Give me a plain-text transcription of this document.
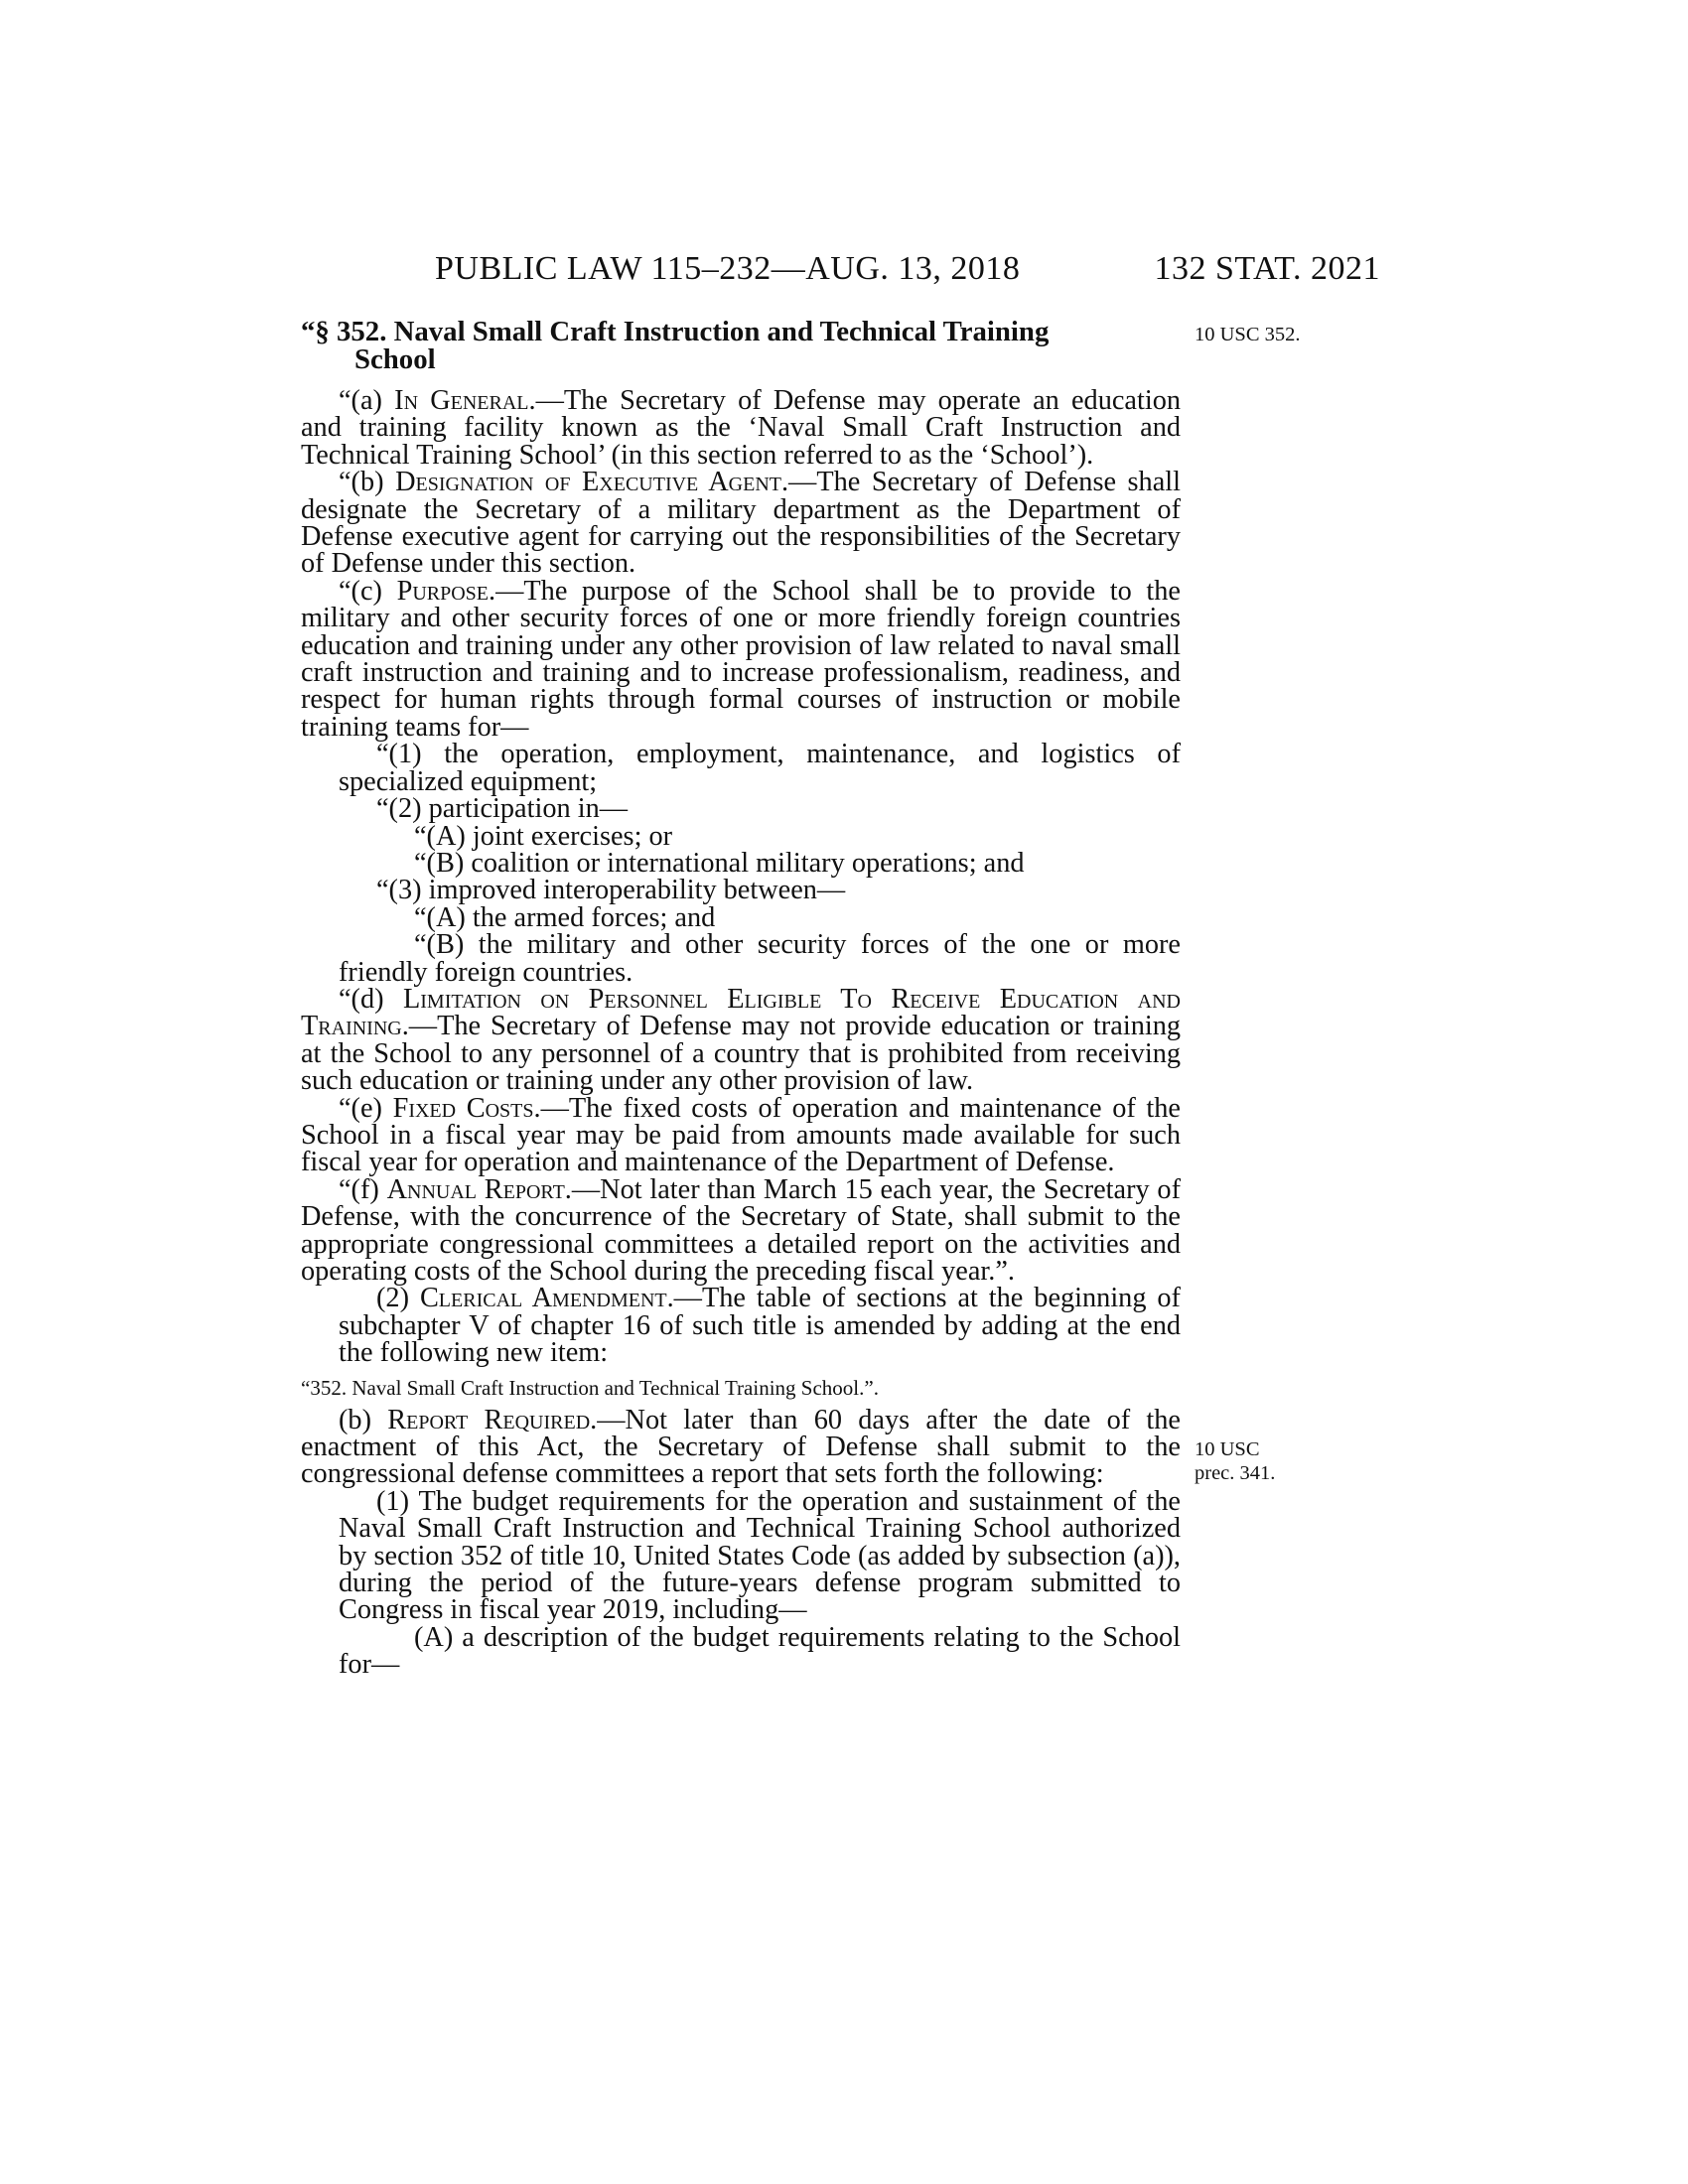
PUBLIC LAW 115–232—AUG. 13, 2018	132 STAT. 2021
10 USC 352.
10 USC
prec. 341.
“§ 352. Naval Small Craft Instruction and Technical Training
School

“(a) In General.—The Secretary of Defense may operate an education and training facility known as the ‘Naval Small Craft Instruction and Technical Training School’ (in this section referred to as the ‘School’).

“(b) Designation of Executive Agent.—The Secretary of Defense shall designate the Secretary of a military department as the Department of Defense executive agent for carrying out the responsibilities of the Secretary of Defense under this section.

“(c) Purpose.—The purpose of the School shall be to provide to the military and other security forces of one or more friendly foreign countries education and training under any other provision of law related to naval small craft instruction and training and to increase professionalism, readiness, and respect for human rights through formal courses of instruction or mobile training teams for—

“(1) the operation, employment, maintenance, and logistics of specialized equipment;

“(2) participation in—

“(A) joint exercises; or

“(B) coalition or international military operations; and

“(3) improved interoperability between—

“(A) the armed forces; and

“(B) the military and other security forces of the one or more friendly foreign countries.

“(d) Limitation on Personnel Eligible To Receive Education and Training.—The Secretary of Defense may not provide education or training at the School to any personnel of a country that is prohibited from receiving such education or training under any other provision of law.

“(e) Fixed Costs.—The fixed costs of operation and maintenance of the School in a fiscal year may be paid from amounts made available for such fiscal year for operation and maintenance of the Department of Defense.

“(f) Annual Report.—Not later than March 15 each year, the Secretary of Defense, with the concurrence of the Secretary of State, shall submit to the appropriate congressional committees a detailed report on the activities and operating costs of the School during the preceding fiscal year.”.

(2) Clerical Amendment.—The table of sections at the beginning of subchapter V of chapter 16 of such title is amended by adding at the end the following new item:

“352. Naval Small Craft Instruction and Technical Training School.”.

(b) Report Required.—Not later than 60 days after the date of the enactment of this Act, the Secretary of Defense shall submit to the congressional defense committees a report that sets forth the following:

(1) The budget requirements for the operation and sustainment of the Naval Small Craft Instruction and Technical Training School authorized by section 352 of title 10, United States Code (as added by subsection (a)), during the period of the future-years defense program submitted to Congress in fiscal year 2019, including—

(A) a description of the budget requirements relating to the School for—
